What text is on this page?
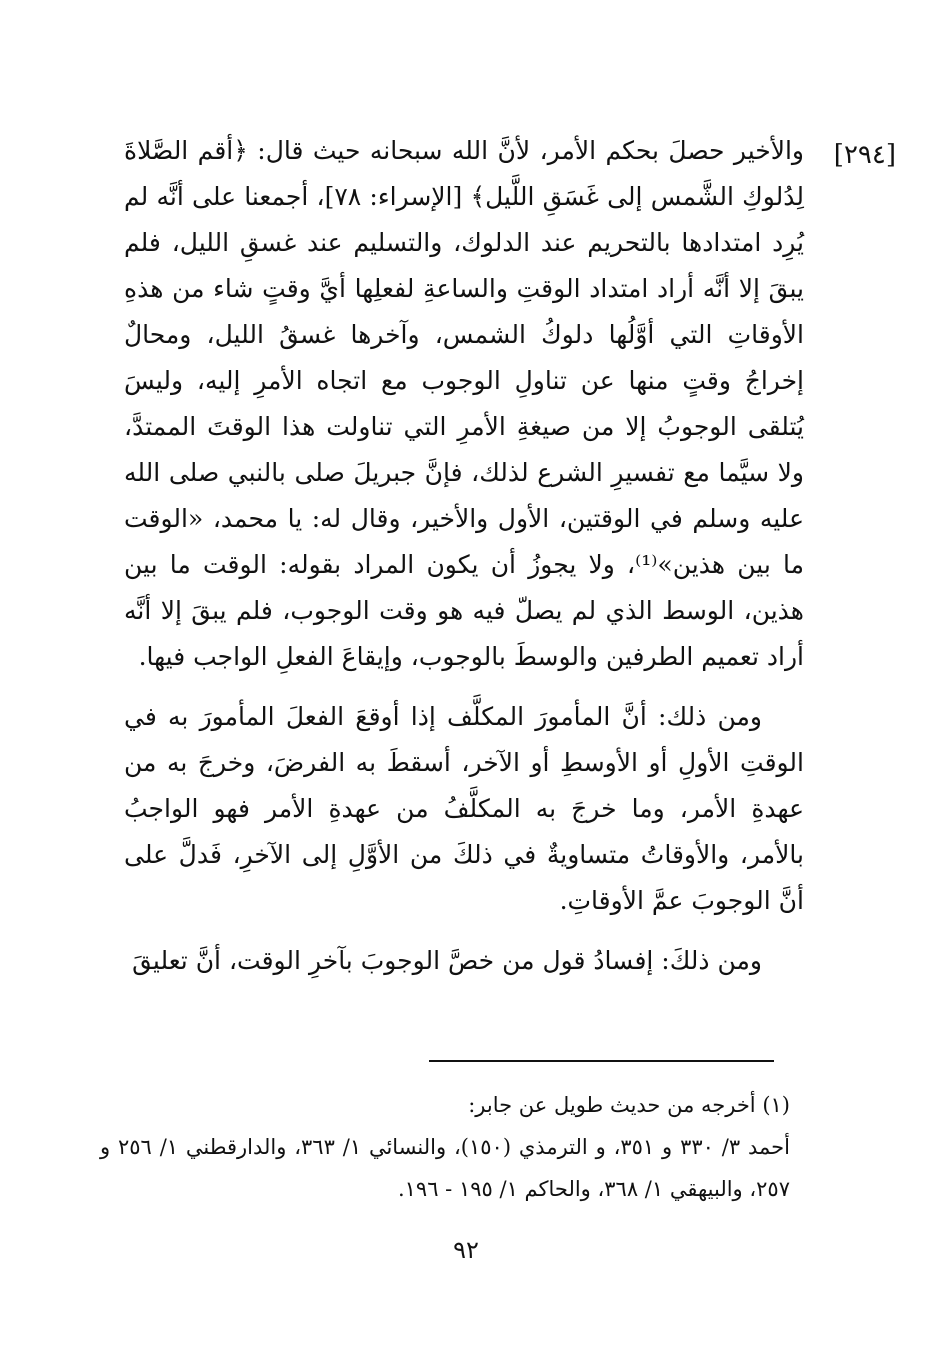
[٢٩٤]

والأخير حصلَ بحكم الأمر، لأنَّ الله سبحانه حيث قال: ﴿أقم الصَّلاةَ لِدُلوكِ الشَّمس إلى غَسَقِ اللَّيل﴾ [الإسراء: ٧٨]، أجمعنا على أنَّه لم يُرِد امتدادها بالتحريم عند الدلوك، والتسليم عند غسقِ الليل، فلم يبقَ إلا أنَّه أراد امتداد الوقتِ والساعةِ لفعلِها أيَّ وقتٍ شاء من هذهِ الأوقاتِ التي أوَّلُها دلوكُ الشمس، وآخرها غسقُ الليل، ومحالٌ إخراجُ وقتٍ منها عن تناولِ الوجوب مع اتجاه الأمرِ إليه، وليسَ يُتلقى الوجوبُ إلا من صيغةِ الأمرِ التي تناولت هذا الوقتَ الممتدَّ، ولا سيَّما مع تفسيرِ الشرع لذلك، فإنَّ جبريلَ صلى بالنبي صلى الله عليه وسلم في الوقتين، الأول والأخير، وقال له: يا محمد، «الوقت ما بين هذين»⁽¹⁾، ولا يجوزُ أن يكون المراد بقوله: الوقت ما بين هذين، الوسط الذي لم يصلّ فيه هو وقت الوجوب، فلم يبقَ إلا أنَّه أراد تعميم الطرفين والوسطَ بالوجوب، وإيقاعَ الفعلِ الواجب فيها.

ومن ذلك: أنَّ المأمورَ المكلَّف إذا أوقعَ الفعلَ المأمورَ به في الوقتِ الأولِ أو الأوسطِ أو الآخر، أسقطَ به الفرضَ، وخرجَ به من عهدةِ الأمر، وما خرجَ به المكلَّفُ من عهدةِ الأمر فهو الواجبُ بالأمر، والأوقاتُ متساويةٌ في ذلكَ من الأوَّلِ إلى الآخرِ، فَدلَّ على أنَّ الوجوبَ عمَّ الأوقاتِ.

ومن ذلكَ: إفسادُ قول من خصَّ الوجوبَ بآخرِ الوقت، أنَّ تعليقَ

(١) أخرجه من حديث طويل عن جابر:

أحمد ٣/ ٣٣٠ و ٣٥١، و الترمذي (١٥٠)، والنسائي ١/ ٣٦٣، والدارقطني ١/ ٢٥٦ و ٢٥٧، والبيهقي ١/ ٣٦٨، والحاكم ١/ ١٩٥ - ١٩٦.

٩٢
